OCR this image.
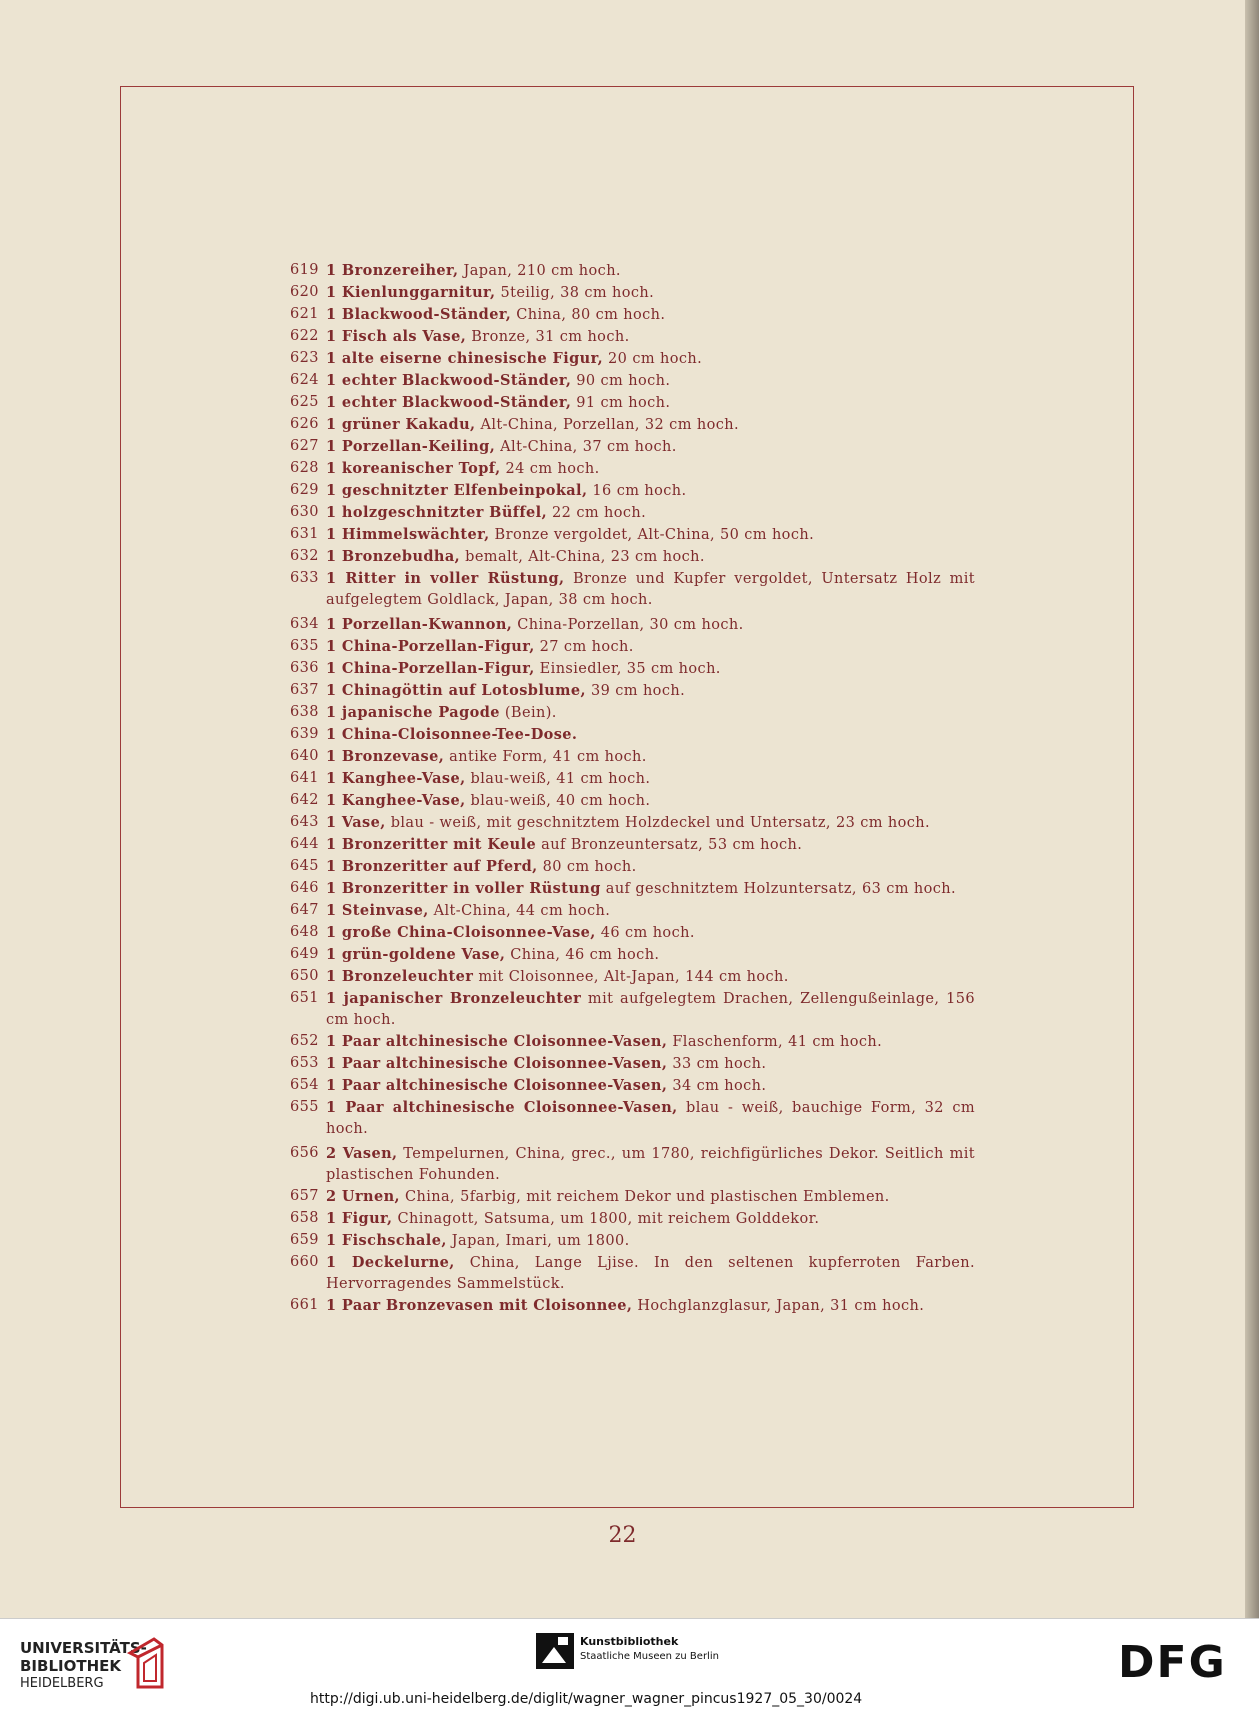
619 1 Bronzereiher, Japan, 210 cm hoch.
620 1 Kienlunggarnitur, 5teilig, 38 cm hoch.
621 1 Blackwood-Ständer, China, 80 cm hoch.
622 1 Fisch als Vase, Bronze, 31 cm hoch.
623 1 alte eiserne chinesische Figur, 20 cm hoch.
624 1 echter Blackwood-Ständer, 90 cm hoch.
625 1 echter Blackwood-Ständer, 91 cm hoch.
626 1 grüner Kakadu, Alt-China, Porzellan, 32 cm hoch.
627 1 Porzellan-Keiling, Alt-China, 37 cm hoch.
628 1 koreanischer Topf, 24 cm hoch.
629 1 geschnitzter Elfenbeinpokal, 16 cm hoch.
630 1 holzgeschnitzter Büffel, 22 cm hoch.
631 1 Himmelswächter, Bronze vergoldet, Alt-China, 50 cm hoch.
632 1 Bronzebudha, bemalt, Alt-China, 23 cm hoch.
633 1 Ritter in voller Rüstung, Bronze und Kupfer vergoldet, Untersatz Holz mit aufgelegtem Goldlack, Japan, 38 cm hoch.
634 1 Porzellan-Kwannon, China-Porzellan, 30 cm hoch.
635 1 China-Porzellan-Figur, 27 cm hoch.
636 1 China-Porzellan-Figur, Einsiedler, 35 cm hoch.
637 1 Chinagöttin auf Lotosblume, 39 cm hoch.
638 1 japanische Pagode (Bein).
639 1 China-Cloisonnee-Tee-Dose.
640 1 Bronzevase, antike Form, 41 cm hoch.
641 1 Kanghee-Vase, blau-weiß, 41 cm hoch.
642 1 Kanghee-Vase, blau-weiß, 40 cm hoch.
643 1 Vase, blau - weiß, mit geschnitztem Holzdeckel und Untersatz, 23 cm hoch.
644 1 Bronzeritter mit Keule auf Bronzeuntersatz, 53 cm hoch.
645 1 Bronzeritter auf Pferd, 80 cm hoch.
646 1 Bronzeritter in voller Rüstung auf geschnitztem Holzuntersatz, 63 cm hoch.
647 1 Steinvase, Alt-China, 44 cm hoch.
648 1 große China-Cloisonnee-Vase, 46 cm hoch.
649 1 grün-goldene Vase, China, 46 cm hoch.
650 1 Bronzeleuchter mit Cloisonnee, Alt-Japan, 144 cm hoch.
651 1 japanischer Bronzeleuchter mit aufgelegtem Drachen, Zellengußeinlage, 156 cm hoch.
652 1 Paar altchinesische Cloisonnee-Vasen, Flaschenform, 41 cm hoch.
653 1 Paar altchinesische Cloisonnee-Vasen, 33 cm hoch.
654 1 Paar altchinesische Cloisonnee-Vasen, 34 cm hoch.
655 1 Paar altchinesische Cloisonnee-Vasen, blau - weiß, bauchige Form, 32 cm hoch.
656 2 Vasen, Tempelurnen, China, grec., um 1780, reichfigürliches Dekor. Seitlich mit plastischen Fohunden.
657 2 Urnen, China, 5farbig, mit reichem Dekor und plastischen Emblemen.
658 1 Figur, Chinagott, Satsuma, um 1800, mit reichem Golddekor.
659 1 Fischschale, Japan, Imari, um 1800.
660 1 Deckelurne, China, Lange Ljise. In den seltenen kupferroten Farben. Hervorragendes Sammelstück.
661 1 Paar Bronzevasen mit Cloisonnee, Hochglanzglasur, Japan, 31 cm hoch.
22
UNIVERSITÄTS-
BIBLIOTHEK
HEIDELBERG
Kunstbibliothek
Staatliche Museen zu Berlin	DFG
http://digi.ub.uni-heidelberg.de/diglit/wagner_wagner_pincus1927_05_30/0024
